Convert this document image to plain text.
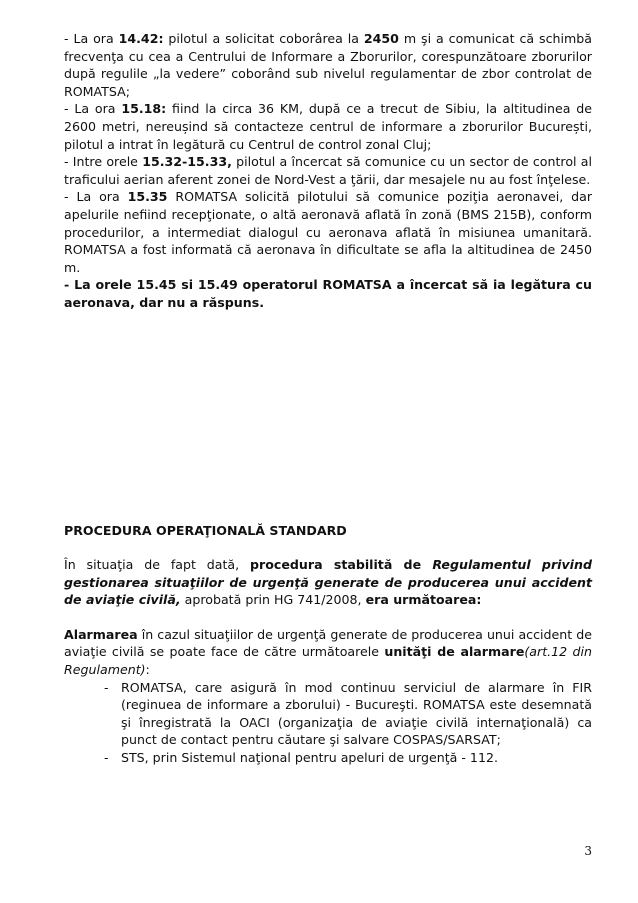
- La ora 14.42: pilotul a solicitat coborârea la 2450 m şi a comunicat că schimbă frecvenţa cu cea a Centrului de Informare a Zborurilor, corespunzătoare zborurilor după regulile „la vedere” coborând sub nivelul regulamentar de zbor controlat de ROMATSA;

- La ora 15.18: fiind la circa 36 KM, după ce a trecut de Sibiu, la altitudinea de 2600 metri, nereușind să contacteze centrul de informare a zborurilor București, pilotul a intrat în legătură cu Centrul de control zonal Cluj;

- Intre orele 15.32-15.33, pilotul a încercat să comunice cu un sector de control al traficului aerian aferent zonei de Nord-Vest a ţării, dar mesajele nu au fost înţelese.

- La ora 15.35 ROMATSA solicită pilotului să comunice poziţia aeronavei, dar apelurile nefiind recepţionate, o altă aeronavă aflată în zonă (BMS 215B), conform procedurilor, a intermediat dialogul cu aeronava aflată în misiunea umanitară. ROMATSA a fost informată că aeronava în dificultate se afla la altitudinea de 2450 m.

- La orele 15.45 si 15.49 operatorul ROMATSA a încercat să ia legătura cu aeronava, dar nu a răspuns.

PROCEDURA OPERAŢIONALĂ STANDARD

În situaţia de fapt dată, procedura stabilită de Regulamentul privind gestionarea situaţiilor de urgenţă generate de producerea unui accident de aviaţie civilă, aprobată prin HG 741/2008, era următoarea:

Alarmarea în cazul situaţiilor de urgenţă generate de producerea unui accident de aviaţie civilă se poate face de către următoarele unităţi de alarmare(art.12 din Regulament):

- ROMATSA, care asigură în mod continuu serviciul de alarmare în FIR (reginuea de informare a zborului) - Bucureşti. ROMATSA este desemnată şi înregistrată la OACI (organizaţia de aviaţie civilă internaţională) ca punct de contact pentru căutare şi salvare COSPAS/SARSAT;
- STS, prin Sistemul naţional pentru apeluri de urgenţă - 112.
3
